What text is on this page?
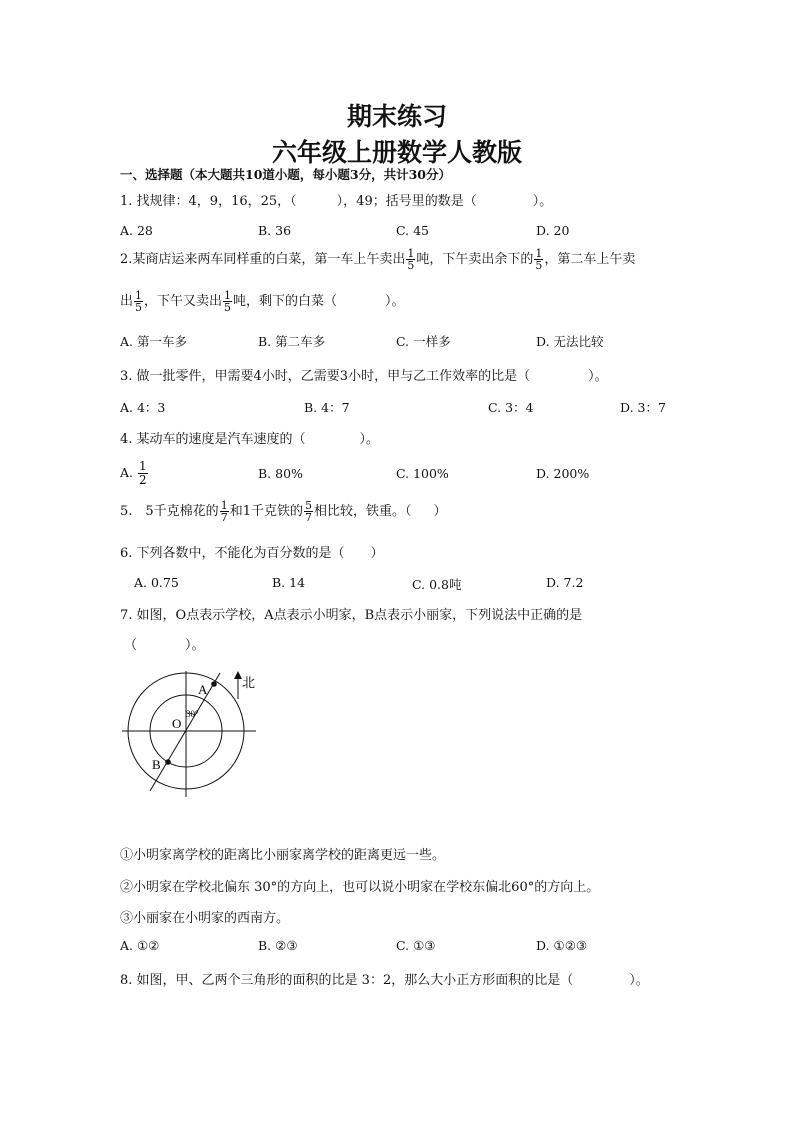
期末练习
六年级上册数学人教版
一、选择题（本大题共10道小题，每小题3分，共计30分）
1. 找规律：4，9，16，25，（	），49；括号里的数是（	）。
A. 28	B. 36	C. 45	D. 20
2.某商店运来两车同样重的白菜，第一车上午卖出 $\frac{1}{5}$ 吨，下午卖出余下的 $\frac{1}{5}$ ，第二车上午卖
出 $\frac{1}{5}$ ，下午又卖出 $\frac{1}{5}$ 吨，剩下的白菜（	）。
A. 第一车多	B. 第二车多	C. 一样多	D. 无法比较
3. 做一批零件，甲需要4小时，乙需要3小时，甲与乙工作效率的比是（	）。
A. 4：3	B. 4：7	C. 3：4	D. 3：7
4. 某动车的速度是汽车速度的（	）。
A. $\frac{1}{2}$	B. 80%	C. 100%	D. 200%
5.　5千克棉花的 $\frac{1}{7}$ 和1千克铁的 $\frac{5}{7}$ 相比较，铁重。（ ）
6. 下列各数中，不能化为百分数的是（ ）
A. 0.75	B. 14	C. 0.8吨	D. 7.2
7. 如图，O点表示学校，A点表示小明家，B点表示小丽家，下列说法中正确的是
（	）。
A
B
O
30°
北
①小明家离学校的距离比小丽家离学校的距离更远一些。
②小明家在学校北偏东 30°的方向上，也可以说小明家在学校东偏北60°的方向上。
③小丽家在小明家的西南方。
A. ①②	B. ②③	C. ①③	D. ①②③
8. 如图，甲、乙两个三角形的面积的比是 3：2，那么大小正方形面积的比是（	）。
